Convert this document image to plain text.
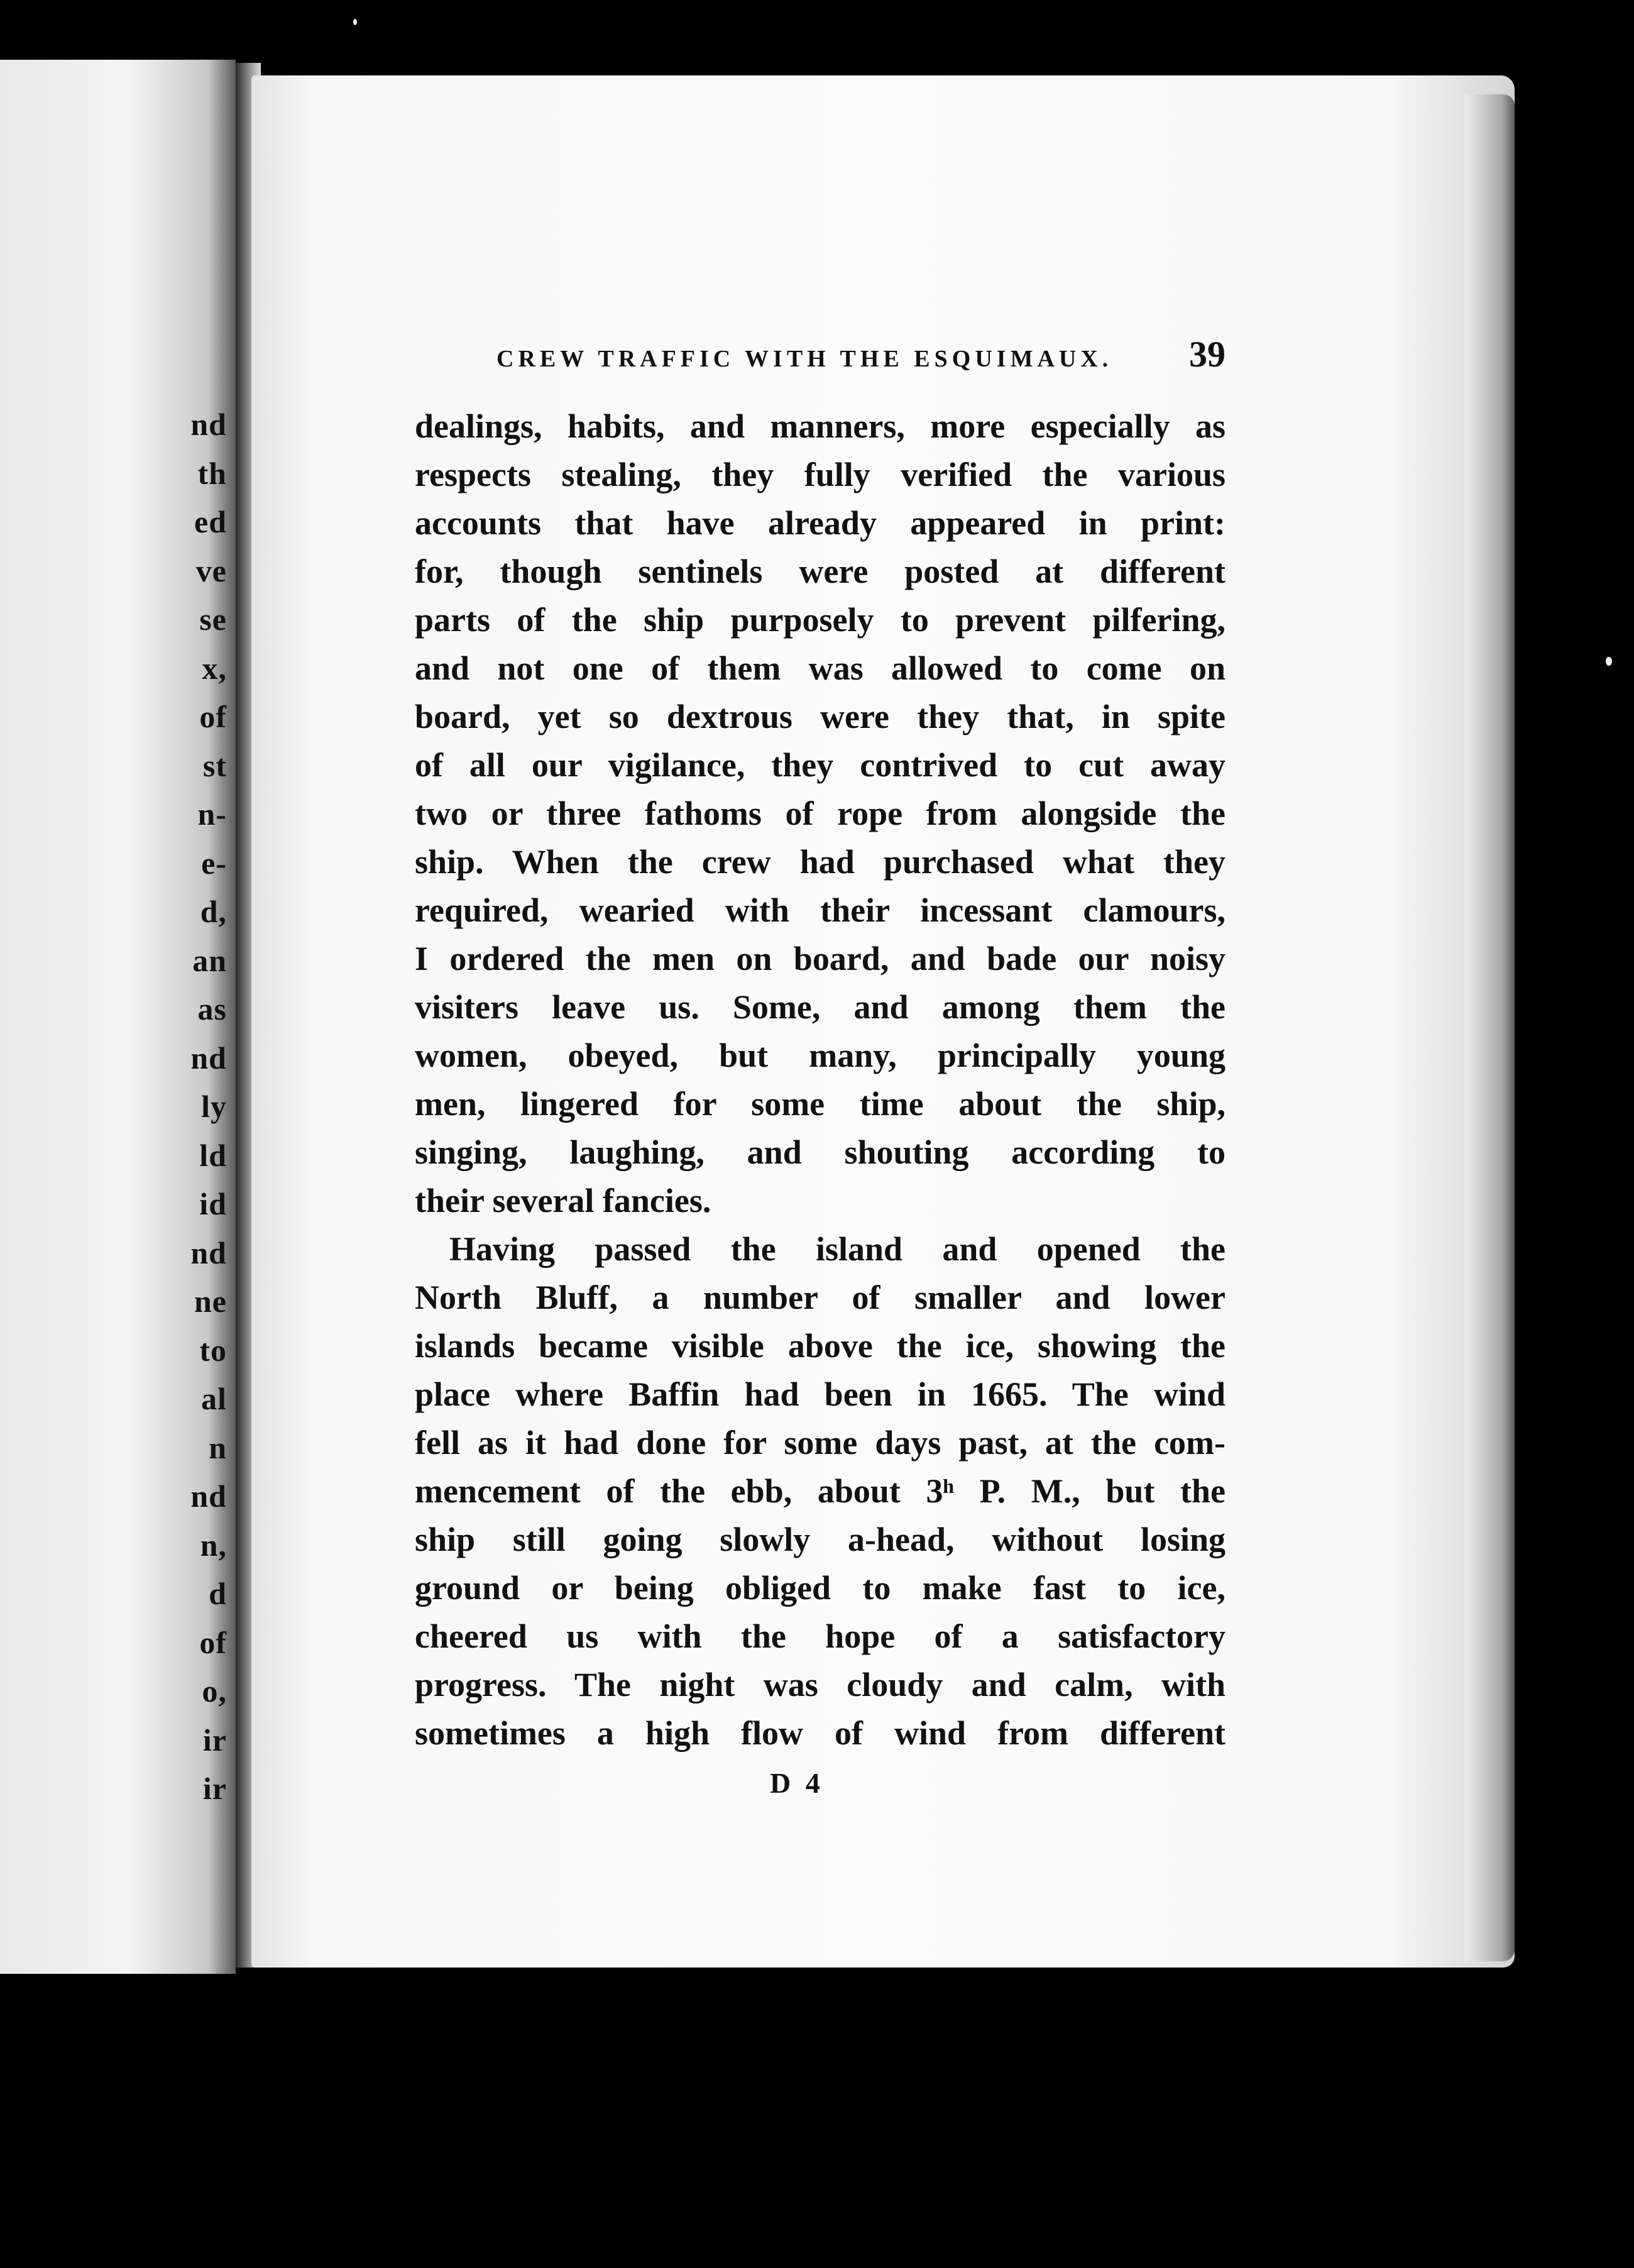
nd
th
ed
ve
se
x,
of
st
n-
e-
d,
an
as
nd
ly
ld
id
nd
ne
to
al
n
nd
n,
d
of
o,
ir
ir
CREW TRAFFIC WITH THE ESQUIMAUX. 39
dealings, habits, and manners, more especially as
respects stealing, they fully verified the various
accounts that have already appeared in print:
for, though sentinels were posted at different
parts of the ship purposely to prevent pilfering,
and not one of them was allowed to come on
board, yet so dextrous were they that, in spite
of all our vigilance, they contrived to cut away
two or three fathoms of rope from alongside the
ship. When the crew had purchased what they
required, wearied with their incessant clamours,
I ordered the men on board, and bade our noisy
visiters leave us. Some, and among them the
women, obeyed, but many, principally young
men, lingered for some time about the ship,
singing, laughing, and shouting according to
their several fancies.
Having passed the island and opened the
North Bluff, a number of smaller and lower
islands became visible above the ice, showing the
place where Baffin had been in 1665. The wind
fell as it had done for some days past, at the com-
mencement of the ebb, about 3ʰ P. M., but the
ship still going slowly a-head, without losing
ground or being obliged to make fast to ice,
cheered us with the hope of a satisfactory
progress. The night was cloudy and calm, with
sometimes a high flow of wind from different
D 4
